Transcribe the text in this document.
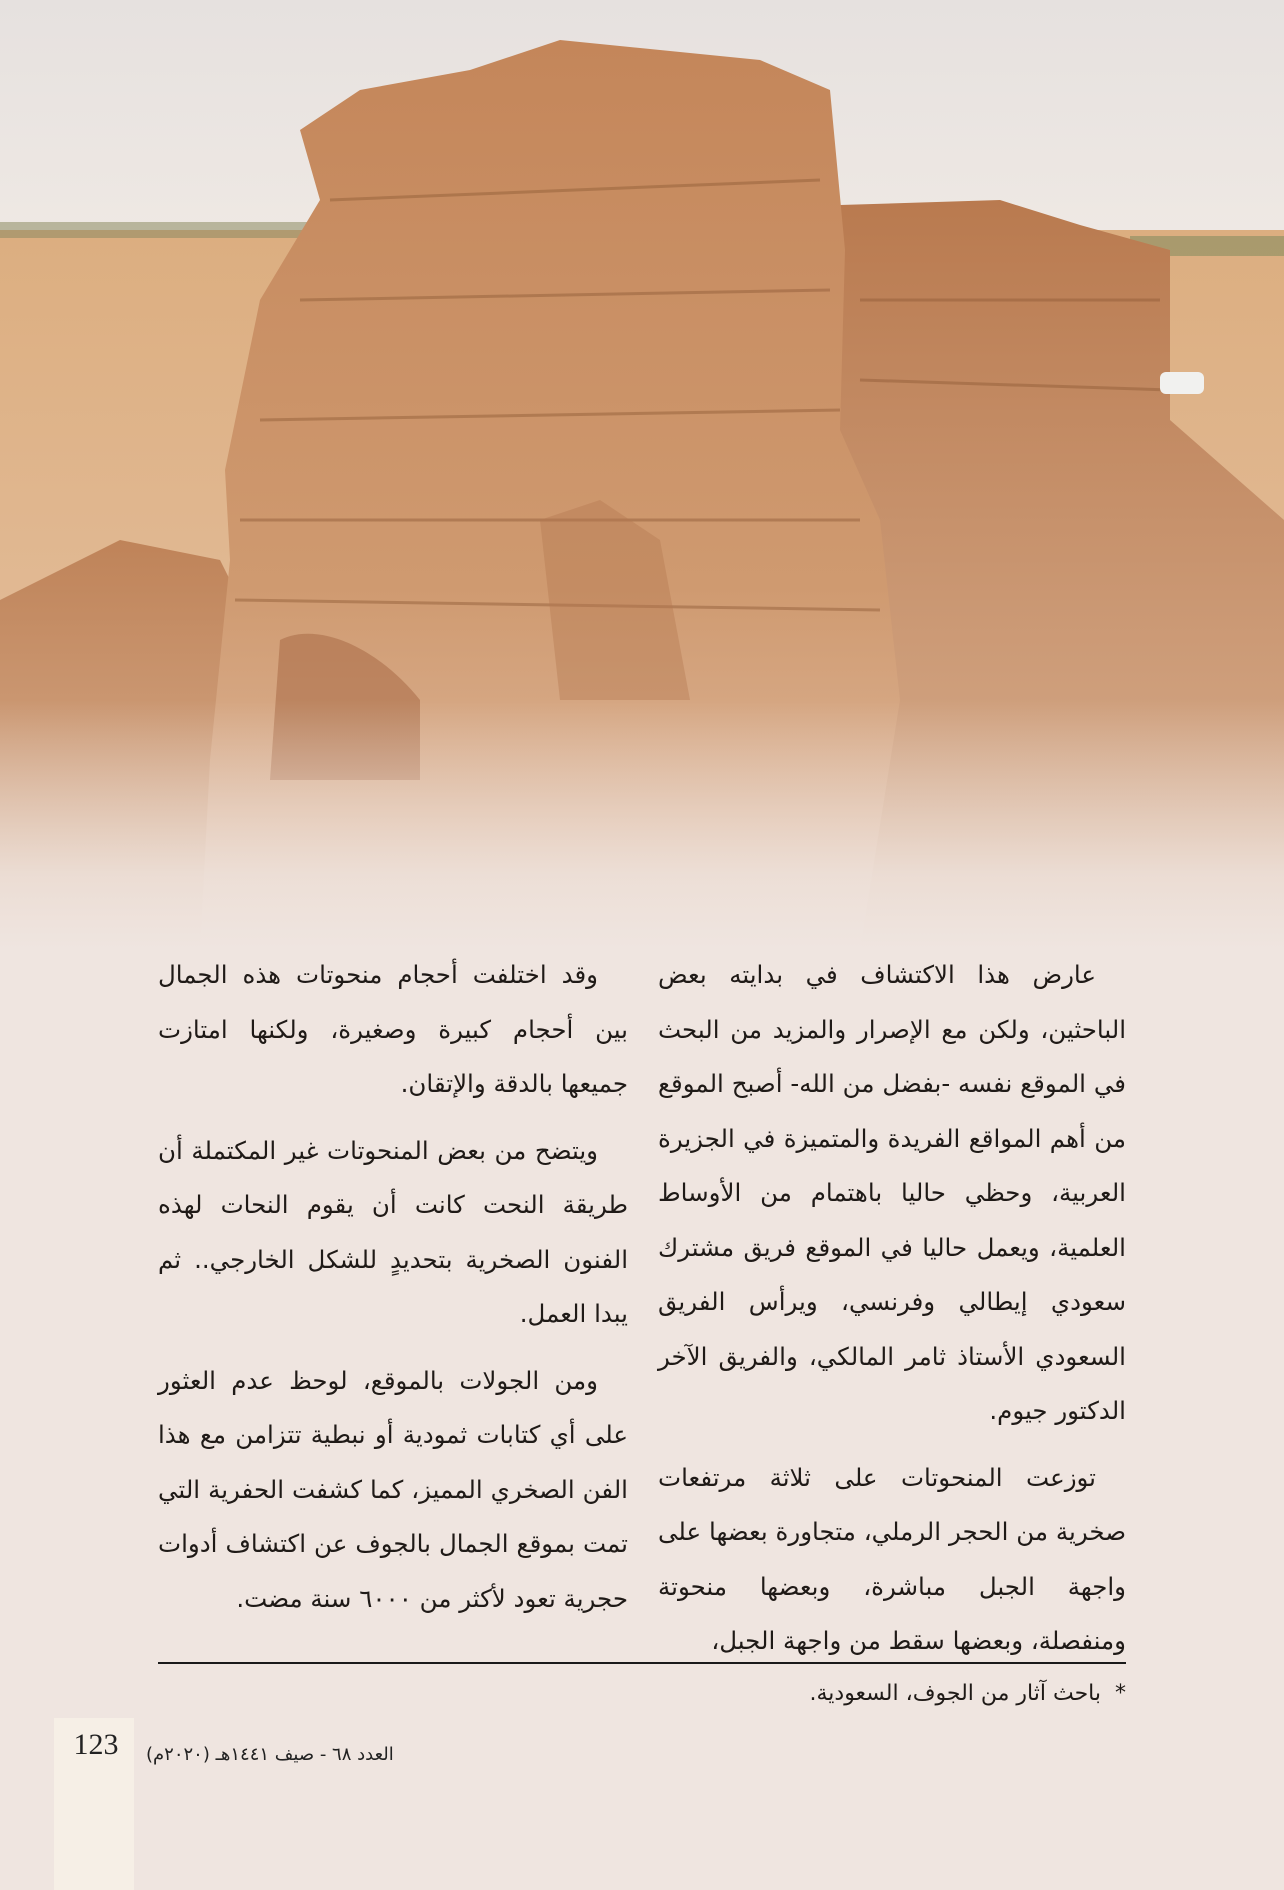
عارض هذا الاكتشاف في بدايته بعض الباحثين، ولكن مع الإصرار والمزيد من البحث في الموقع نفسه -بفضل من الله- أصبح الموقع من أهم المواقع الفريدة والمتميزة في الجزيرة العربية، وحظي حاليا باهتمام من الأوساط العلمية، ويعمل حاليا في الموقع فريق مشترك سعودي إيطالي وفرنسي، ويرأس الفريق السعودي الأستاذ ثامر المالكي، والفريق الآخر الدكتور جيوم.

توزعت المنحوتات على ثلاثة مرتفعات صخرية من الحجر الرملي، متجاورة بعضها على واجهة الجبل مباشرة، وبعضها منحوتة ومنفصلة، وبعضها سقط من واجهة الجبل،

وقد اختلفت أحجام منحوتات هذه الجمال بين أحجام كبيرة وصغيرة، ولكنها امتازت جميعها بالدقة والإتقان.

ويتضح من بعض المنحوتات غير المكتملة أن طريقة النحت كانت أن يقوم النحات لهذه الفنون الصخرية بتحديدٍ للشكل الخارجي.. ثم يبدا العمل.

ومن الجولات بالموقع، لوحظ عدم العثور على أي كتابات ثمودية أو نبطية تتزامن مع هذا الفن الصخري المميز، كما كشفت الحفرية التي تمت بموقع الجمال بالجوف عن اكتشاف أدوات حجرية تعود لأكثر من ٦٠٠٠ سنة مضت.

*باحث آثار من الجوف، السعودية.
123	العدد ٦٨ - صيف ١٤٤١هـ (٢٠٢٠م)
